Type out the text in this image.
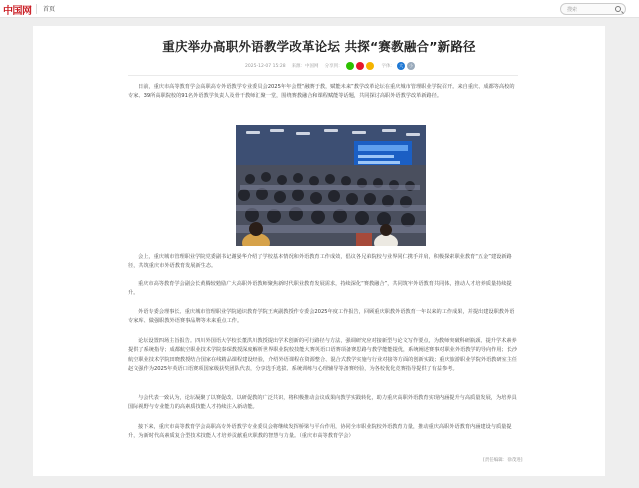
中国网 首页	搜索
重庆举办高职外语教学改革论坛 共探“赛教融合”新路径
2025-12-07 15:28 来源：中国网 分享到：	字体：	大	小
日前，重庆市高等教育学会高职高专外语教学专业委员会2025年年会暨“融赛于教，赋能未来”教学改革论坛在重庆城市管理职业学院召开。来自重庆、成都等高校的专家、39所高职院校的91名外语教学负责人及骨干教师汇聚一堂，围绕赛教融合和课程赋能等话题，共同探讨高职外语教学改革新路径。
会上，重庆城市管理职业学院党委副书记谢晏华介绍了学校基本情况和外语教育工作成效，倡议各兄弟院校与业界同仁携手并肩，积极探索职业教育“五金”建设新路径，共筑重庆市外语教育发展新生态。
重庆市高等教育学会副会长黄腾较勉励广大高职外语教师聚焦新时代职业教育发展需求，持续深化“赛教融合”，共同筑牢外语教育共同体，推动人才培养质量持续提升。
外语专委会理事长、重庆城市管理职业学院通识教育学院王爽副教授作专委会2025年度工作报告，回顾重庆职教外语教育一年以来的工作成果，并提出建设职教外语专家库、做强职教外语赛事品牌等未来重点工作。
论坛设置四场主旨报告。四川外国语大学校长董洪川教授提出学术创新的可行路径与方法，强调研究应对接新型与论文写作要点，为教师突破科研瓶颈、提升学术素养提供了系统指导；成都航空职业技术学院秦琛教授深度解析世界职业院校技能大赛英语口语赛项备赛思路与教学能能提优，系统阐述赛事对职业外语教学的导向作用；长沙航空职业技术学院田晓教授结合国家在线精品课程建设经验，介绍外语课程在资源整合、混合式教学实施与行业对接等方面的创新实践；重庆旅游职业学院外语教研室主任赵文强作为2025年英语口语赛项国家级获奖团队代表，分享选手选拔、系统训练与心理辅导等备赛经验，为各校优化竞赛指导提供了有益参考。
与会代表一致认为，论坛凝聚了以赛促改、以研促教的广泛共识，将积极推动会议成果向教学实践转化，助力重庆高职外语教育实现内涵提升与高质量发展，为培养具国际视野与专业能力的高素质技能人才持续注入新动能。
接下来，重庆市高等教育学会高职高专外语教学专业委员会将继续发挥桥梁与平台作用，协同全市职业院校外语教育力量，推动重庆高职外语教育内涵建设与质量提升，为新时代高素质复合型技术技能人才培养贡献重庆职教的智慧与力量。（重庆市高等教育学会）
[责任编辑：徐茂进]
